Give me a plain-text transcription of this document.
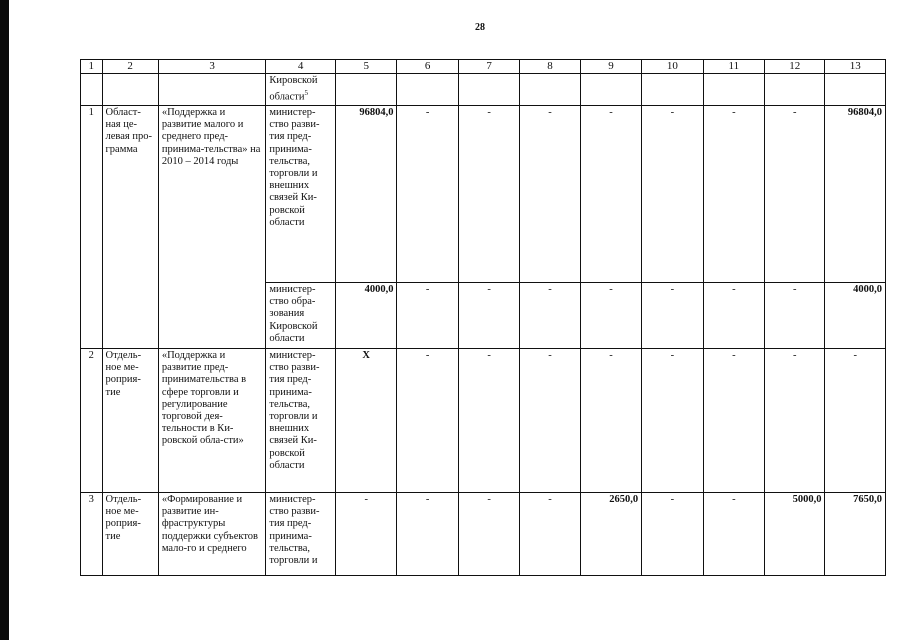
28
1	2	3	4	5	6	7	8	9	10	11	12	13
			Кировской области$^5$									
1	Област-ная це-левая про-грамма	«Поддержка и развитие малого и среднего пред-принима-тельства» на 2010 – 2014 годы	министер-ство разви-тия пред-принима-тельства, торговли и внешних связей Ки-ровской области	96804,0	-	-	-	-	-	-	-	96804,0
			министер-ство обра-зования Кировской области	4000,0	-	-	-	-	-	-	-	4000,0
2	Отдель-ное ме-роприя-тие	«Поддержка и развитие пред-принимательства в сфере торговли и регулирование торговой дея-тельности в Ки-ровской обла-сти»	министер-ство разви-тия пред-принима-тельства, торговли и внешних связей Ки-ровской области	X	-	-	-	-	-	-	-	-
3	Отдель-ное ме-роприя-тие	«Формирование и развитие ин-фраструктуры поддержки субъектов мало-го и среднего	министер-ство разви-тия пред-принима-тельства, торговли и	-	-	-	-	2650,0	-	-	5000,0	7650,0
